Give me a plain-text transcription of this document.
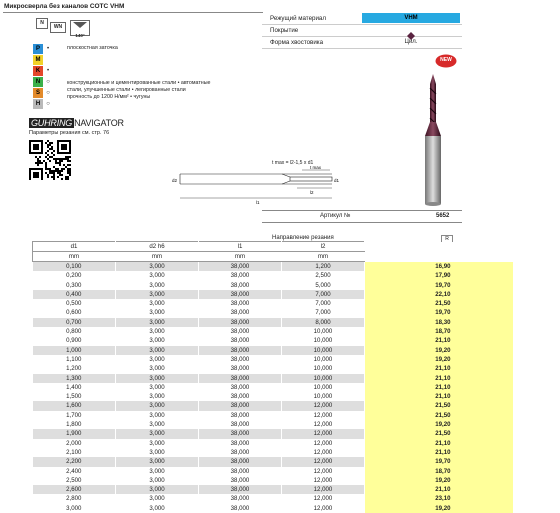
Микросверла без каналов СОТС VHM
N
WN
140°
P •
M
K •
N ○
S ○
H ○
плоскостная заточка
конструкционные и цементированные стали • автоматные
стали, улучшенные стали • легированные стали
прочность до 1200 Н/мм² • чугуны
Режущий материал	VHM
Покрытие
Форма хвостовика	Цил.
NEW
GUHRING NAVIGATOR
Параметры резания см. стр. 76
t max = l2-1,5 x d1
t max
l2
l1
d2	d1
Артикул №	5652
Направление резания	R
d1	d2 h6	l1	l2	
mm	mm	mm	mm	
0,100	3,000	38,000	1,200	16,90
0,200	3,000	38,000	2,500	17,90
0,300	3,000	38,000	5,000	19,70
0,400	3,000	38,000	7,000	22,10
0,500	3,000	38,000	7,000	21,50
0,600	3,000	38,000	7,000	19,70
0,700	3,000	38,000	8,000	18,30
0,800	3,000	38,000	10,000	18,70
0,900	3,000	38,000	10,000	21,10
1,000	3,000	38,000	10,000	19,20
1,100	3,000	38,000	10,000	19,20
1,200	3,000	38,000	10,000	21,10
1,300	3,000	38,000	10,000	21,10
1,400	3,000	38,000	10,000	21,10
1,500	3,000	38,000	10,000	21,10
1,600	3,000	38,000	12,000	21,50
1,700	3,000	38,000	12,000	21,50
1,800	3,000	38,000	12,000	19,20
1,900	3,000	38,000	12,000	21,50
2,000	3,000	38,000	12,000	21,10
2,100	3,000	38,000	12,000	21,10
2,200	3,000	38,000	12,000	19,70
2,400	3,000	38,000	12,000	18,70
2,500	3,000	38,000	12,000	19,20
2,600	3,000	38,000	12,000	21,10
2,800	3,000	38,000	12,000	23,10
3,000	3,000	38,000	12,000	19,20
